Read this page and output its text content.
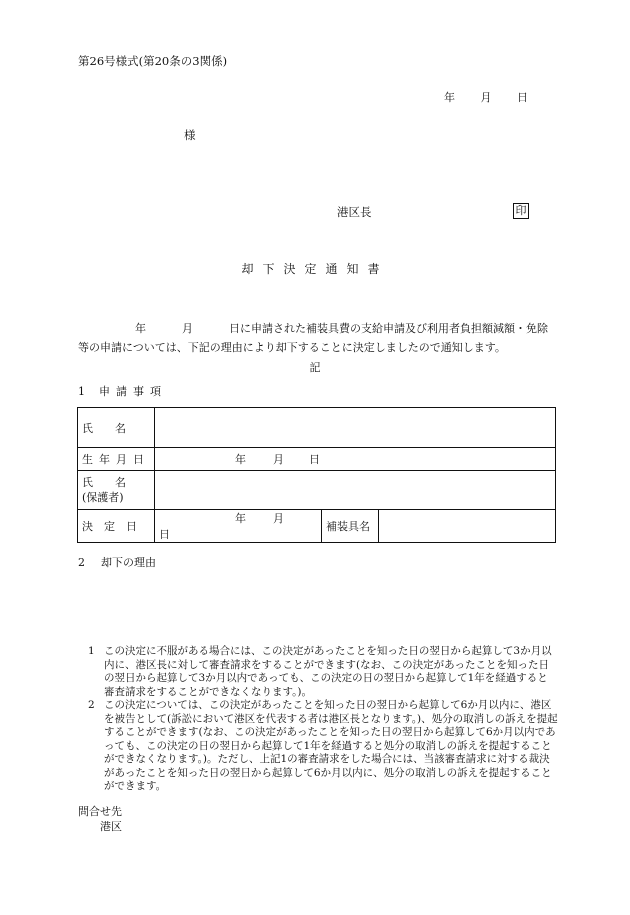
第26号様式(第20条の3関係)
年 月 日
様
港区長	印
却下決定通知書
年	月	日に申請された補装具費の支給申請及び利用者負担額減額・免除
等の申請については、下記の理由により却下することに決定しましたので通知します。
記
1 申請事項
氏　　名			
生年月日	年 月 日		
氏　　名
(保護者)			
決　定　日	年 月日	補装具名	
2 却下の理由
1 この決定に不服がある場合には、この決定があったことを知った日の翌日から起算して3か月以内に、港区長に対して審査請求をすることができます(なお、この決定があったことを知った日の翌日から起算して3か月以内であっても、この決定の日の翌日から起算して1年を経過すると審査請求をすることができなくなります。)。
2 この決定については、この決定があったことを知った日の翌日から起算して6か月以内に、港区を被告として(訴訟において港区を代表する者は港区長となります。)、処分の取消しの訴えを提起することができます(なお、この決定があったことを知った日の翌日から起算して6か月以内であっても、この決定の日の翌日から起算して1年を経過すると処分の取消しの訴えを提起することができなくなります。)。ただし、上記1の審査請求をした場合には、当該審査請求に対する裁決があったことを知った日の翌日から起算して6か月以内に、処分の取消しの訴えを提起することができます。
問合せ先
港区
